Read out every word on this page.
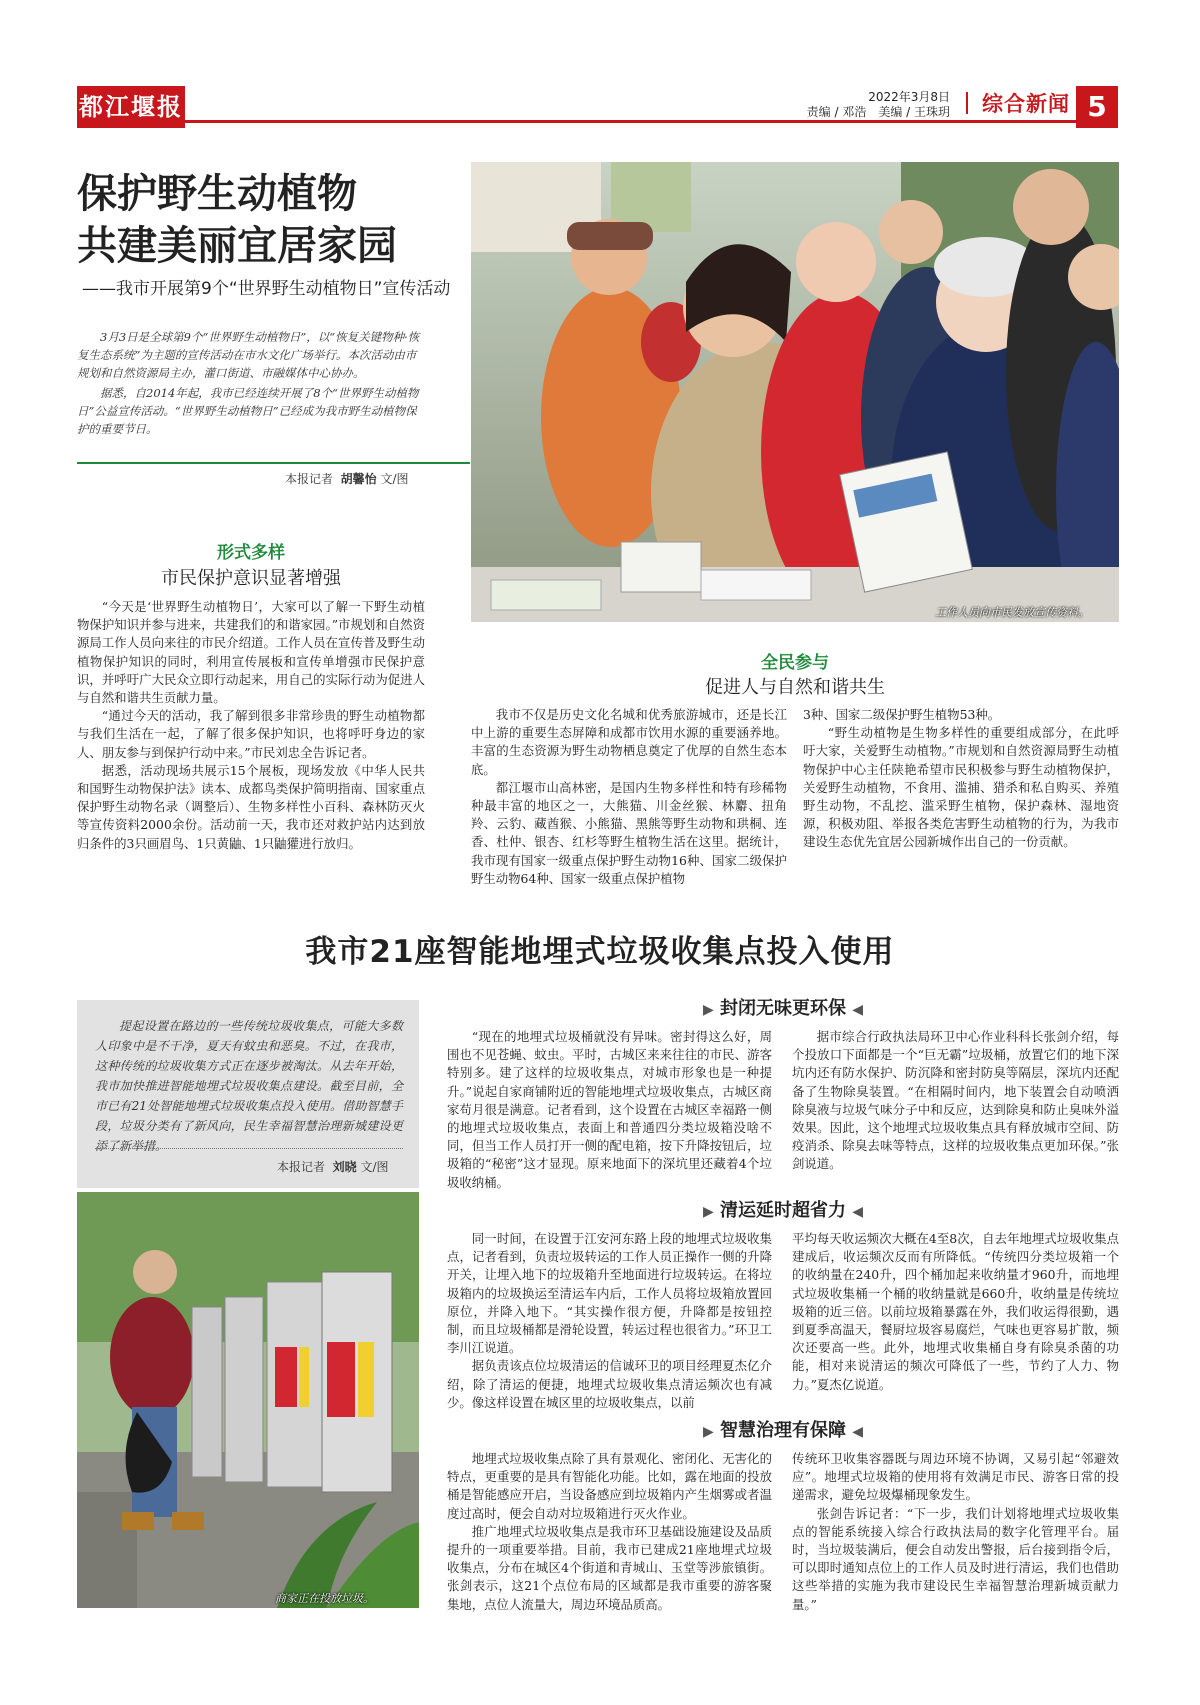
都江堰报	2022年3月8日
责编 / 邓浩　美编 / 王珠玥 综合新闻 5
保护野生动植物
共建美丽宜居家园
——我市开展第9个“世界野生动植物日”宣传活动

3月3日是全球第9个“世界野生动植物日”，以“恢复关键物种·恢复生态系统”为主题的宣传活动在市水文化广场举行。本次活动由市规划和自然资源局主办，灌口街道、市融媒体中心协办。

据悉，自2014年起，我市已经连续开展了8个“世界野生动植物日”公益宣传活动。“世界野生动植物日”已经成为我市野生动植物保护的重要节日。

本报记者 胡馨怡 文/图
工作人员向市民发放宣传资料。
形式多样
市民保护意识显著增强

“今天是‘世界野生动植物日’，大家可以了解一下野生动植物保护知识并参与进来，共建我们的和谐家园。”市规划和自然资源局工作人员向来往的市民介绍道。工作人员在宣传普及野生动植物保护知识的同时，利用宣传展板和宣传单增强市民保护意识，并呼吁广大民众立即行动起来，用自己的实际行动为促进人与自然和谐共生贡献力量。

“通过今天的活动，我了解到很多非常珍贵的野生动植物都与我们生活在一起，了解了很多保护知识，也将呼吁身边的家人、朋友参与到保护行动中来。”市民刘忠全告诉记者。

据悉，活动现场共展示15个展板，现场发放《中华人民共和国野生动物保护法》读本、成都鸟类保护简明指南、国家重点保护野生动物名录（调整后）、生物多样性小百科、森林防灭火等宣传资料2000余份。活动前一天，我市还对救护站内达到放归条件的3只画眉鸟、1只黄鼬、1只鼬獾进行放归。

全民参与
促进人与自然和谐共生

我市不仅是历史文化名城和优秀旅游城市，还是长江中上游的重要生态屏障和成都市饮用水源的重要涵养地。丰富的生态资源为野生动物栖息奠定了优厚的自然生态本底。

都江堰市山高林密，是国内生物多样性和特有珍稀物种最丰富的地区之一，大熊猫、川金丝猴、林麝、扭角羚、云豹、藏酋猴、小熊猫、黑熊等野生动物和珙桐、连香、杜仲、银杏、红杉等野生植物生活在这里。据统计，我市现有国家一级重点保护野生动物16种、国家二级保护野生动物64种、国家一级重点保护植物

3种、国家二级保护野生植物53种。

“野生动植物是生物多样性的重要组成部分，在此呼吁大家，关爱野生动植物。”市规划和自然资源局野生动植物保护中心主任陕艳希望市民积极参与野生动植物保护，关爱野生动植物，不食用、滥捕、猎杀和私自购买、养殖野生动物，不乱挖、滥采野生植物，保护森林、湿地资源，积极劝阻、举报各类危害野生动植物的行为，为我市建设生态优先宜居公园新城作出自己的一份贡献。

我市21座智能地埋式垃圾收集点投入使用
提起设置在路边的一些传统垃圾收集点，可能大多数人印象中是不干净，夏天有蚊虫和恶臭。不过，在我市，这种传统的垃圾收集方式正在逐步被淘汰。从去年开始，我市加快推进智能地埋式垃圾收集点建设。截至目前，全市已有21处智能地埋式垃圾收集点投入使用。借助智慧手段，垃圾分类有了新风向，民生幸福智慧治理新城建设更添了新举措。
本报记者 刘晓 文/图
商家正在投放垃圾。
▶ 封闭无味更环保 ◀

“现在的地埋式垃圾桶就没有异味。密封得这么好，周围也不见苍蝇、蚊虫。平时，古城区来来往往的市民、游客特别多。建了这样的垃圾收集点，对城市形象也是一种提升。”说起自家商铺附近的智能地埋式垃圾收集点，古城区商家苟月很是满意。记者看到，这个设置在古城区幸福路一侧的地埋式垃圾收集点，表面上和普通四分类垃圾箱没啥不同，但当工作人员打开一侧的配电箱，按下升降按钮后，垃圾箱的“秘密”这才显现。原来地面下的深坑里还藏着4个垃圾收纳桶。

据市综合行政执法局环卫中心作业科科长张剑介绍，每个投放口下面都是一个“巨无霸”垃圾桶，放置它们的地下深坑内还有防水保护、防沉降和密封防臭等隔层，深坑内还配备了生物除臭装置。“在相隔时间内，地下装置会自动喷洒除臭液与垃圾气味分子中和反应，达到除臭和防止臭味外溢效果。因此，这个地埋式垃圾收集点具有释放城市空间、防疫消杀、除臭去味等特点，这样的垃圾收集点更加环保。”张剑说道。

▶ 清运延时超省力 ◀

同一时间，在设置于江安河东路上段的地埋式垃圾收集点，记者看到，负责垃圾转运的工作人员正操作一侧的升降开关，让埋入地下的垃圾箱升至地面进行垃圾转运。在将垃圾箱内的垃圾换运至清运车内后，工作人员将垃圾箱放置回原位，并降入地下。“其实操作很方便，升降都是按钮控制，而且垃圾桶都是滑轮设置，转运过程也很省力。”环卫工李川江说道。

据负责该点位垃圾清运的信诚环卫的项目经理夏杰亿介绍，除了清运的便捷，地埋式垃圾收集点清运频次也有减少。像这样设置在城区里的垃圾收集点，以前

平均每天收运频次大概在4至8次，自去年地埋式垃圾收集点建成后，收运频次反而有所降低。“传统四分类垃圾箱一个的收纳量在240升，四个桶加起来收纳量才960升，而地埋式垃圾收集桶一个桶的收纳量就是660升，收纳量是传统垃圾箱的近三倍。以前垃圾箱暴露在外，我们收运得很勤，遇到夏季高温天，餐厨垃圾容易腐烂，气味也更容易扩散，频次还要高一些。此外，地埋式收集桶自身有除臭杀菌的功能，相对来说清运的频次可降低了一些，节约了人力、物力。”夏杰亿说道。

▶ 智慧治理有保障 ◀

地埋式垃圾收集点除了具有景观化、密闭化、无害化的特点，更重要的是具有智能化功能。比如，露在地面的投放桶是智能感应开启，当设备感应到垃圾箱内产生烟雾或者温度过高时，便会自动对垃圾箱进行灭火作业。

推广地埋式垃圾收集点是我市环卫基础设施建设及品质提升的一项重要举措。目前，我市已建成21座地埋式垃圾收集点，分布在城区4个街道和青城山、玉堂等涉旅镇街。张剑表示，这21个点位布局的区域都是我市重要的游客聚集地，点位人流量大，周边环境品质高。

传统环卫收集容器既与周边环境不协调，又易引起“邻避效应”。地埋式垃圾箱的使用将有效满足市民、游客日常的投递需求，避免垃圾爆桶现象发生。

张剑告诉记者：“下一步，我们计划将地埋式垃圾收集点的智能系统接入综合行政执法局的数字化管理平台。届时，当垃圾装满后，便会自动发出警报，后台接到指令后，可以即时通知点位上的工作人员及时进行清运，我们也借助这些举措的实施为我市建设民生幸福智慧治理新城贡献力量。”
